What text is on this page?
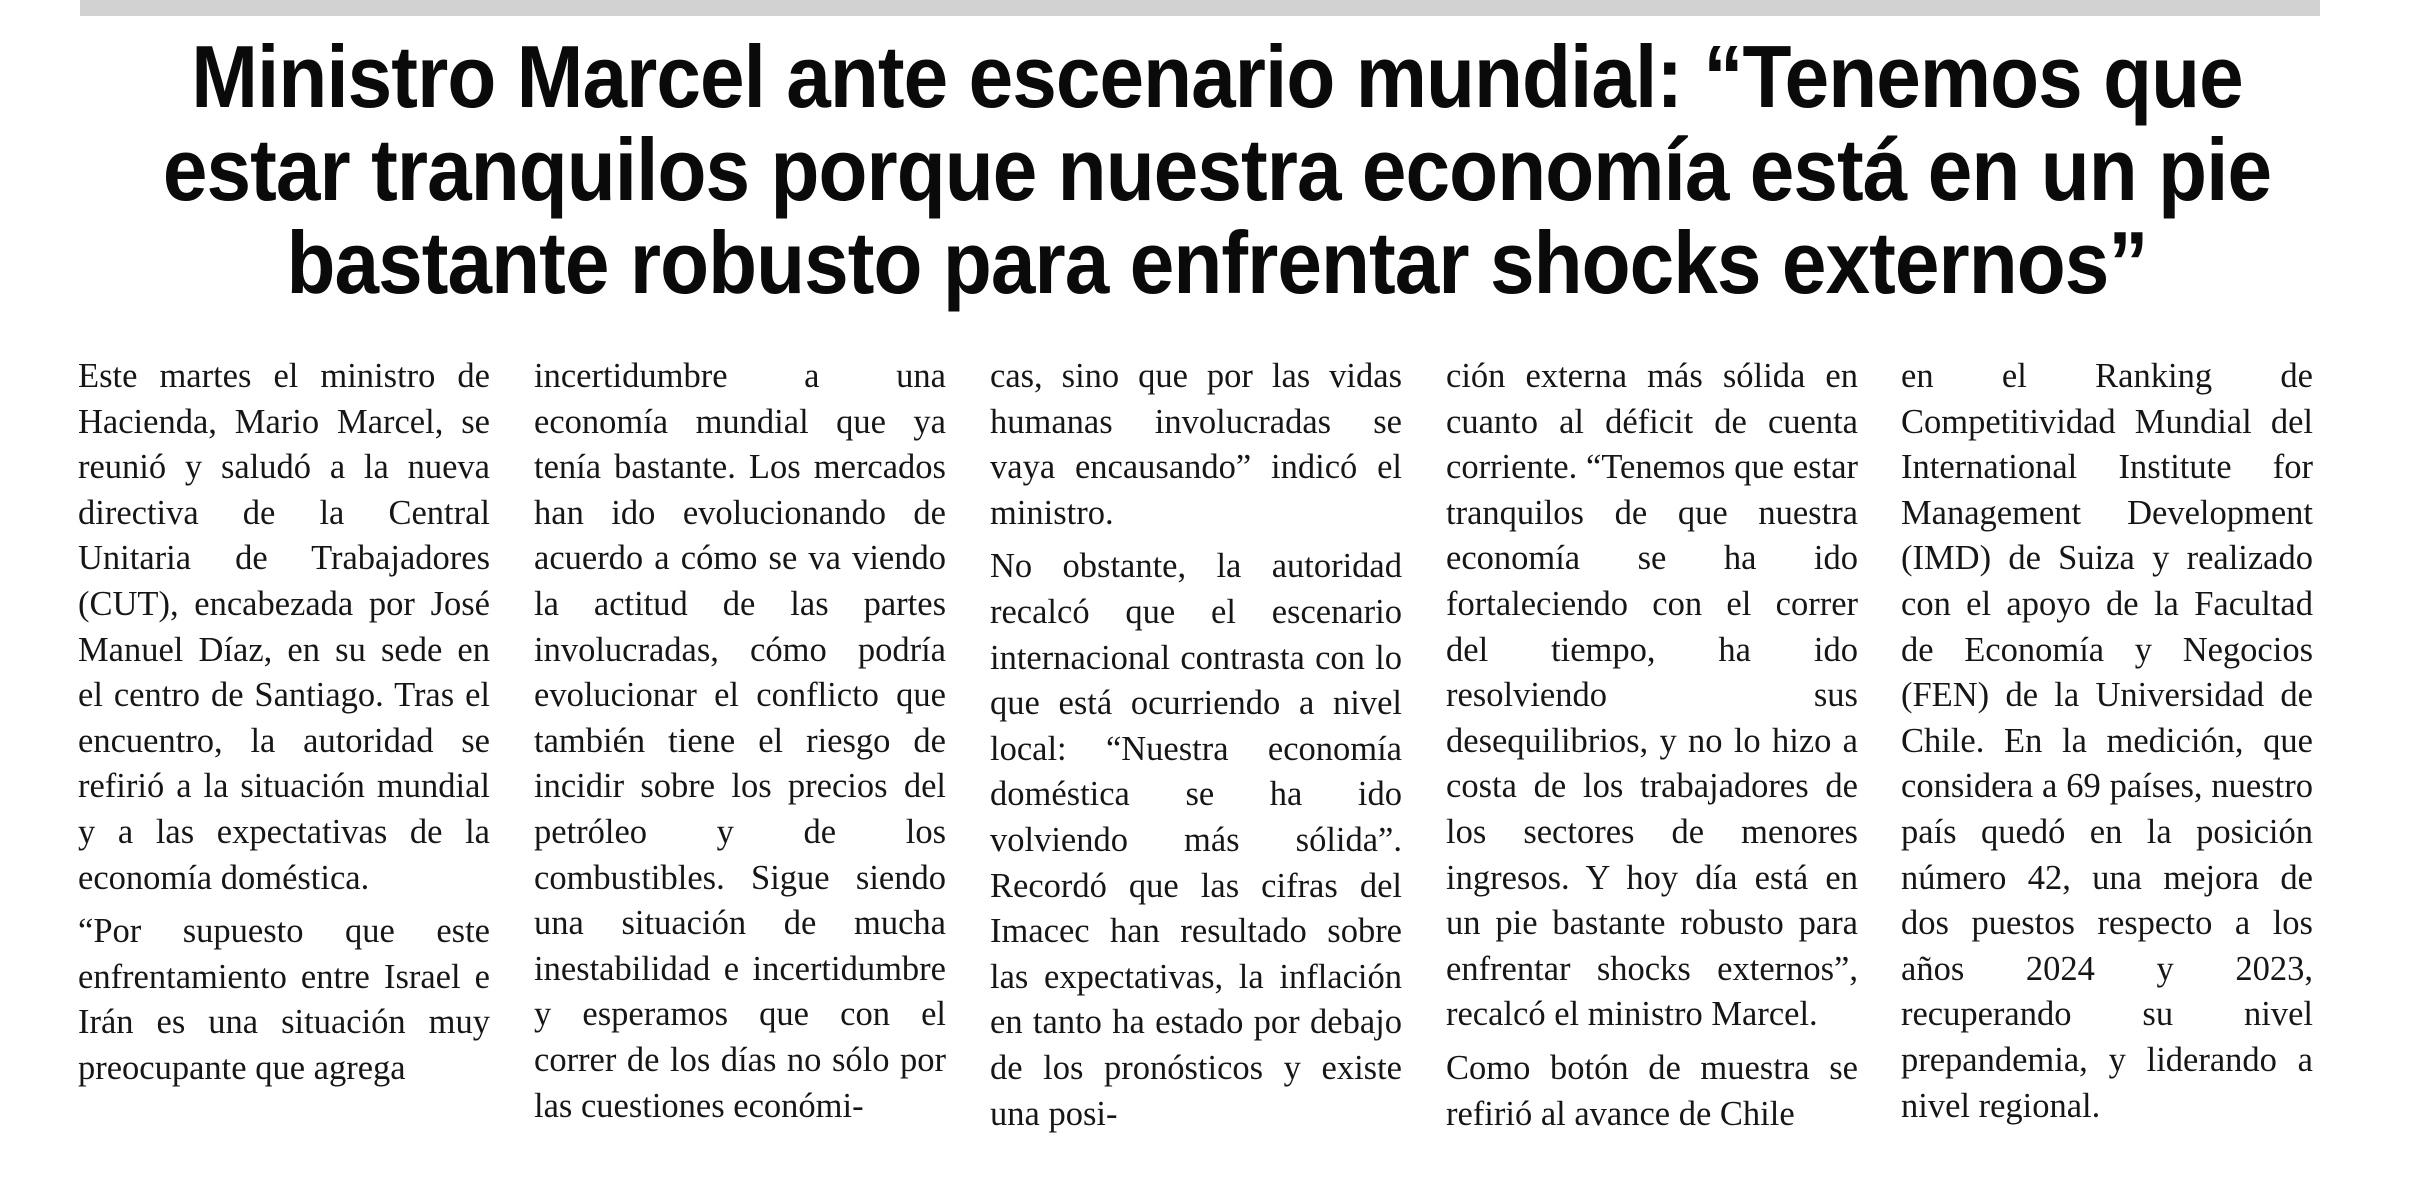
Ministro Marcel ante escenario mundial: “Tenemos que estar tranquilos porque nuestra economía está en un pie bastante robusto para enfrentar shocks externos”

Este martes el ministro de Hacienda, Mario Marcel, se reunió y saludó a la nueva directiva de la Central Unitaria de Trabajadores (CUT), encabezada por José Manuel Díaz, en su sede en el centro de Santiago. Tras el encuentro, la autoridad se refirió a la situación mundial y a las expectativas de la economía doméstica.

“Por supuesto que este enfrentamiento entre Israel e Irán es una situación muy preocupante que agrega

incertidumbre a una economía mundial que ya tenía bastante. Los mercados han ido evolucionando de acuerdo a cómo se va viendo la actitud de las partes involucradas, cómo podría evolucionar el conflicto que también tiene el riesgo de incidir sobre los precios del petróleo y de los combustibles. Sigue siendo una situación de mucha inestabilidad e incertidumbre y esperamos que con el correr de los días no sólo por las cuestiones económi-

cas, sino que por las vidas humanas involucradas se vaya encausando” indicó el ministro.

No obstante, la autoridad recalcó que el escenario internacional contrasta con lo que está ocurriendo a nivel local: “Nuestra economía doméstica se ha ido volviendo más sólida”. Recordó que las cifras del Imacec han resultado sobre las expectativas, la inflación en tanto ha estado por debajo de los pronósticos y existe una posi-

ción externa más sólida en cuanto al déficit de cuenta corriente. “Tenemos que estar tranquilos de que nuestra economía se ha ido fortaleciendo con el correr del tiempo, ha ido resolviendo sus desequilibrios, y no lo hizo a costa de los trabajadores de los sectores de menores ingresos. Y hoy día está en un pie bastante robusto para enfrentar shocks externos”, recalcó el ministro Marcel.

Como botón de muestra se refirió al avance de Chile

en el Ranking de Competitividad Mundial del International Institute for Management Development (IMD) de Suiza y realizado con el apoyo de la Facultad de Economía y Negocios (FEN) de la Universidad de Chile. En la medición, que considera a 69 países, nuestro país quedó en la posición número 42, una mejora de dos puestos respecto a los años 2024 y 2023, recuperando su nivel prepandemia, y liderando a nivel regional.
